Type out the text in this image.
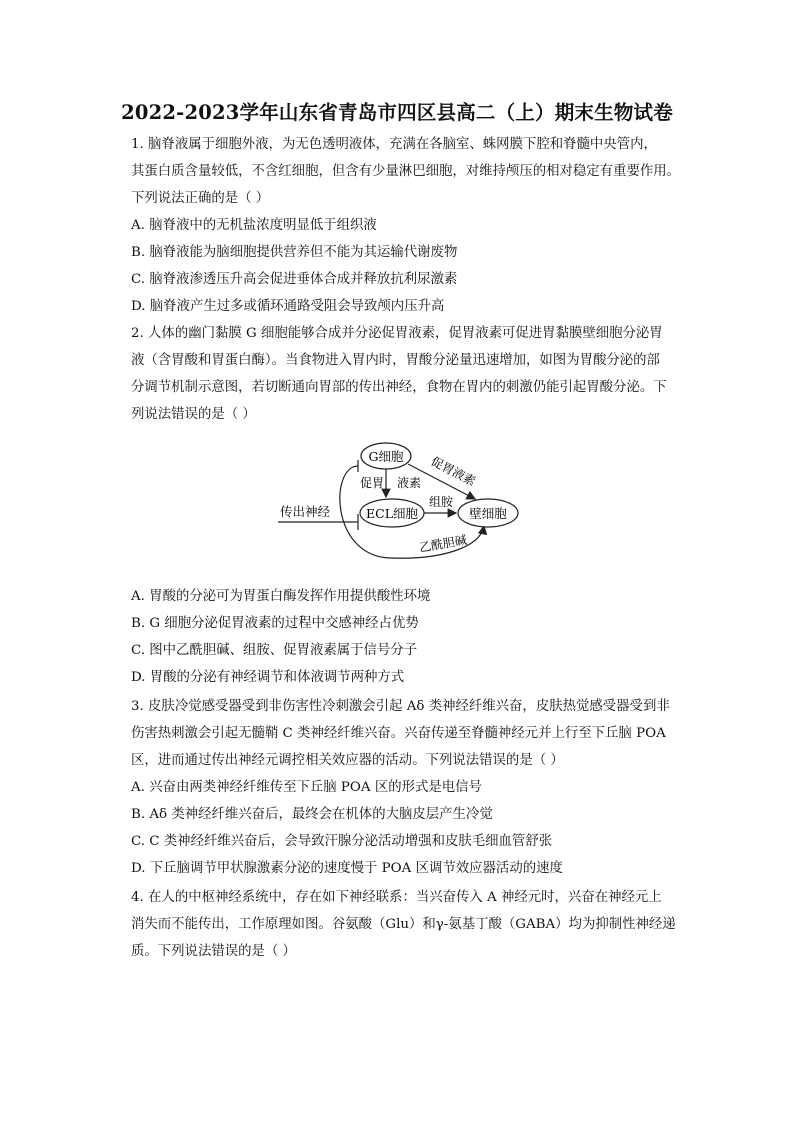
2022-2023学年山东省青岛市四区县高二（上）期末生物试卷
1. 脑脊液属于细胞外液，为无色透明液体，充满在各脑室、蛛网膜下腔和脊髓中央管内，
其蛋白质含量较低，不含红细胞，但含有少量淋巴细胞，对维持颅压的相对稳定有重要作用。
下列说法正确的是（ ）
A. 脑脊液中的无机盐浓度明显低于组织液
B. 脑脊液能为脑细胞提供营养但不能为其运输代谢废物
C. 脑脊液渗透压升高会促进垂体合成并释放抗利尿激素
D. 脑脊液产生过多或循环通路受阻会导致颅内压升高
2. 人体的幽门黏膜 G 细胞能够合成并分泌促胃液素，促胃液素可促进胃黏膜壁细胞分泌胃
液（含胃酸和胃蛋白酶）。当食物进入胃内时，胃酸分泌量迅速增加，如图为胃酸分泌的部
分调节机制示意图，若切断通向胃部的传出神经，食物在胃内的刺激仍能引起胃酸分泌。下
列说法错误的是（ ）
G细胞
ECL细胞	壁细胞
促胃 液素 促胃液素
组胺
传出神经
乙酰胆碱
A. 胃酸的分泌可为胃蛋白酶发挥作用提供酸性环境
B. G 细胞分泌促胃液素的过程中交感神经占优势
C. 图中乙酰胆碱、组胺、促胃液素属于信号分子
D. 胃酸的分泌有神经调节和体液调节两种方式
3. 皮肤冷觉感受器受到非伤害性冷刺激会引起 Aδ 类神经纤维兴奋，皮肤热觉感受器受到非
伤害热刺激会引起无髓鞘 C 类神经纤维兴奋。兴奋传递至脊髓神经元并上行至下丘脑 POA
区，进而通过传出神经元调控相关效应器的活动。下列说法错误的是（ ）
A. 兴奋由两类神经纤维传至下丘脑 POA 区的形式是电信号
B. Aδ 类神经纤维兴奋后，最终会在机体的大脑皮层产生冷觉
C. C 类神经纤维兴奋后，会导致汗腺分泌活动增强和皮肤毛细血管舒张
D. 下丘脑调节甲状腺激素分泌的速度慢于 POA 区调节效应器活动的速度
4. 在人的中枢神经系统中，存在如下神经联系：当兴奋传入 A 神经元时，兴奋在神经元上
消失而不能传出，工作原理如图。谷氨酸（Glu）和γ-氨基丁酸（GABA）均为抑制性神经递
质。下列说法错误的是（ ）
